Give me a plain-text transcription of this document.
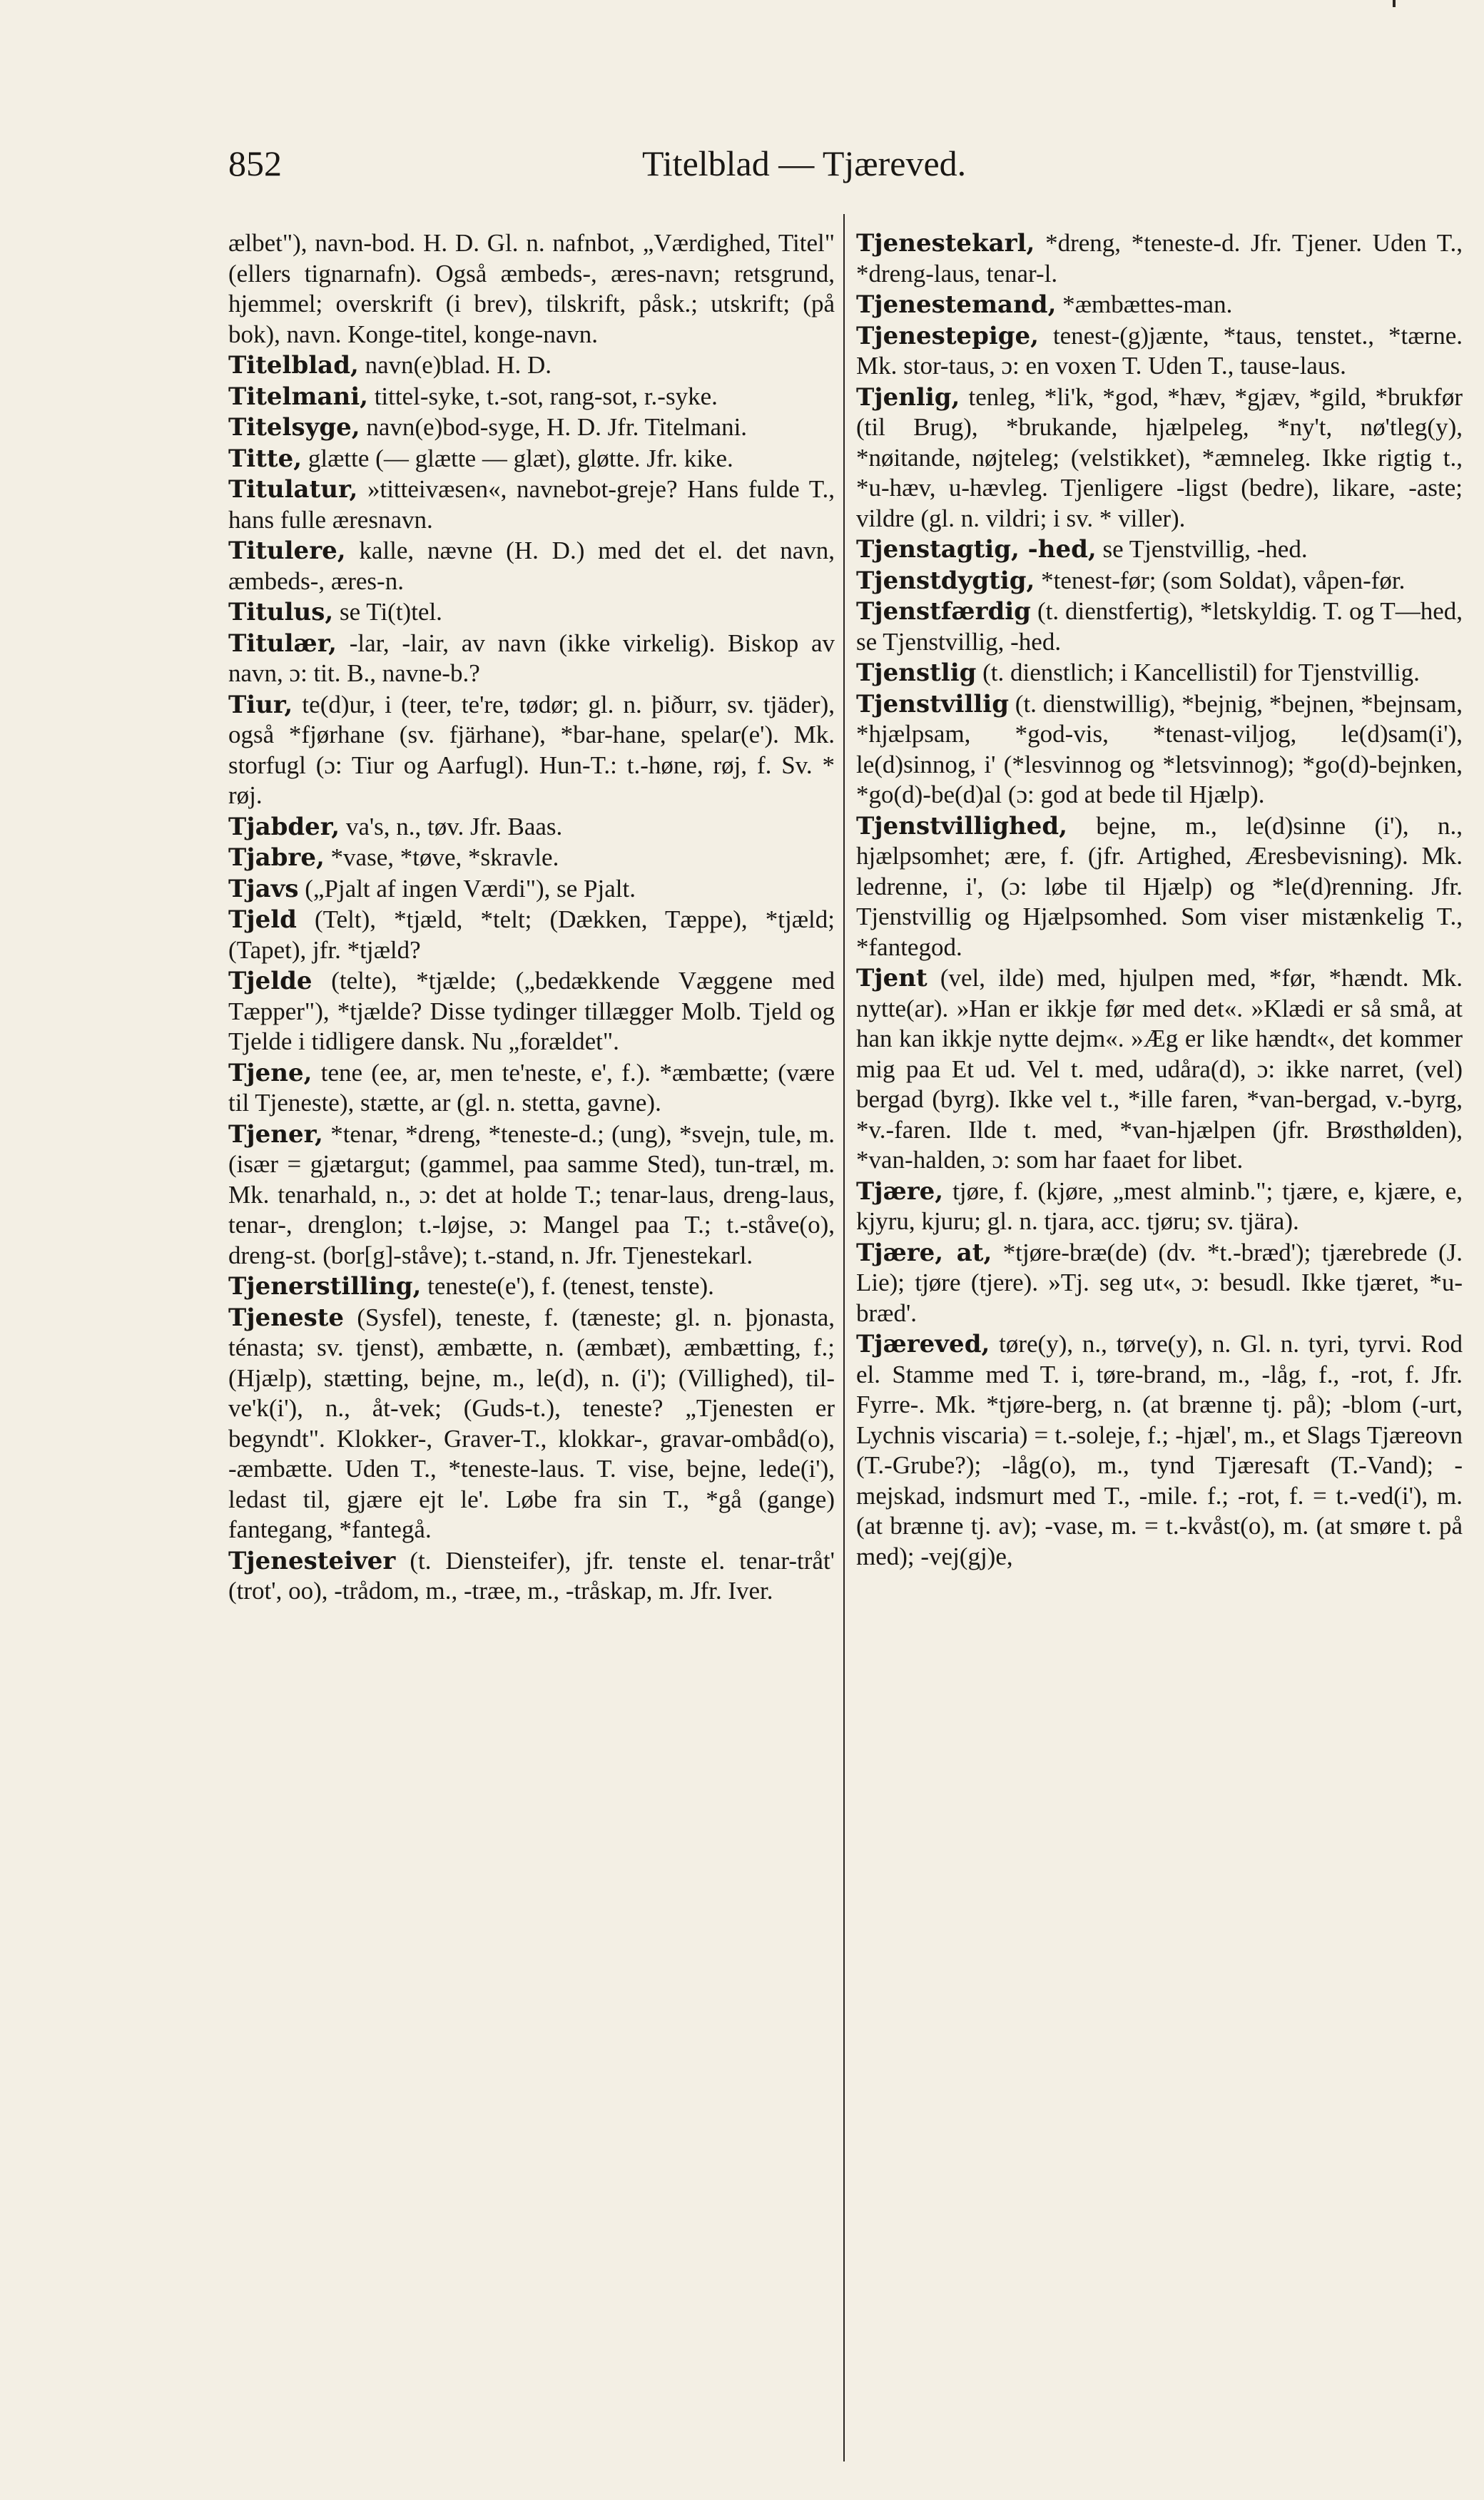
852	Titelblad — Tjæreved.

ælbet"), navn-bod. H. D. Gl. n. nafnbot, „Værdighed, Titel" (ellers tignarnafn). Også æmbeds-, æres-navn; retsgrund, hjemmel; overskrift (i brev), tilskrift, påsk.; utskrift; (på bok), navn. Konge-titel, konge-navn.

Titelblad, navn(e)blad. H. D.

Titelmani, tittel-syke, t.-sot, rang-sot, r.-syke.

Titelsyge, navn(e)bod-syge, H. D. Jfr. Titelmani.

Titte, glætte (— glætte — glæt), gløtte. Jfr. kike.

Titulatur, »titteivæsen«, navnebot-greje? Hans fulde T., hans fulle æresnavn.

Titulere, kalle, nævne (H. D.) med det el. det navn, æmbeds-, æres-n.

Titulus, se Ti(t)tel.

Titulær, -lar, -lair, av navn (ikke virkelig). Biskop av navn, ɔ: tit. B., navne-b.?

Tiur, te(d)ur, i (teer, te're, tødør; gl. n. þiðurr, sv. tjäder), også *fjørhane (sv. fjärhane), *bar-hane, spelar(e'). Mk. storfugl (ɔ: Tiur og Aarfugl). Hun-T.: t.-høne, røj, f. Sv. * røj.

Tjabder, va's, n., tøv. Jfr. Baas.

Tjabre, *vase, *tøve, *skravle.

Tjavs („Pjalt af ingen Værdi"), se Pjalt.

Tjeld (Telt), *tjæld, *telt; (Dækken, Tæppe), *tjæld; (Tapet), jfr. *tjæld?

Tjelde (telte), *tjælde; („bedækkende Væggene med Tæpper"), *tjælde? Disse tydinger tillægger Molb. Tjeld og Tjelde i tidligere dansk. Nu „forældet".

Tjene, tene (ee, ar, men te'neste, e', f.). *æmbætte; (være til Tjeneste), stætte, ar (gl. n. stetta, gavne).

Tjener, *tenar, *dreng, *teneste-d.; (ung), *svejn, tule, m. (især = gjætargut; (gammel, paa samme Sted), tun-træl, m. Mk. tenarhald, n., ɔ: det at holde T.; tenar-laus, dreng-laus, tenar-, drenglon; t.-løjse, ɔ: Mangel paa T.; t.-ståve(o), dreng-st. (bor[g]-ståve); t.-stand, n. Jfr. Tjenestekarl.

Tjenerstilling, teneste(e'), f. (tenest, tenste).

Tjeneste (Sysfel), teneste, f. (tæneste; gl. n. þjonasta, ténasta; sv. tjenst), æmbætte, n. (æmbæt), æmbætting, f.; (Hjælp), stætting, bejne, m., le(d), n. (i'); (Villighed), til-ve'k(i'), n., åt-vek; (Guds-t.), teneste? „Tjenesten er begyndt". Klokker-, Graver-T., klokkar-, gravar-ombåd(o), -æmbætte. Uden T., *teneste-laus. T. vise, bejne, lede(i'), ledast til, gjære ejt le'. Løbe fra sin T., *gå (gange) fantegang, *fantegå.

Tjenesteiver (t. Diensteifer), jfr. tenste el. tenar-tråt' (trot', oo), -trådom, m., -træe, m., -tråskap, m. Jfr. Iver.

Tjenestekarl, *dreng, *teneste-d. Jfr. Tjener. Uden T., *dreng-laus, tenar-l.

Tjenestemand, *æmbættes-man.

Tjenestepige, tenest-(g)jænte, *taus, tenstet., *tærne. Mk. stor-taus, ɔ: en voxen T. Uden T., tause-laus.

Tjenlig, tenleg, *li'k, *god, *hæv, *gjæv, *gild, *brukfør (til Brug), *brukande, hjælpeleg, *ny't, nø'tleg(y), *nøitande, nøjteleg; (velstikket), *æmneleg. Ikke rigtig t., *u-hæv, u-hævleg. Tjenligere -ligst (bedre), likare, -aste; vildre (gl. n. vildri; i sv. * viller).

Tjenstagtig, -hed, se Tjenstvillig, -hed.

Tjenstdygtig, *tenest-før; (som Soldat), våpen-før.

Tjenstfærdig (t. dienstfertig), *letskyldig. T. og T—hed, se Tjenstvillig, -hed.

Tjenstlig (t. dienstlich; i Kancellistil) for Tjenstvillig.

Tjenstvillig (t. dienstwillig), *bejnig, *bejnen, *bejnsam, *hjælpsam, *god-vis, *tenast-viljog, le(d)sam(i'), le(d)sinnog, i' (*lesvinnog og *letsvinnog); *go(d)-bejnken, *go(d)-be(d)al (ɔ: god at bede til Hjælp).

Tjenstvillighed, bejne, m., le(d)sinne (i'), n., hjælpsomhet; ære, f. (jfr. Artighed, Æresbevisning). Mk. ledrenne, i', (ɔ: løbe til Hjælp) og *le(d)renning. Jfr. Tjenstvillig og Hjælpsomhed. Som viser mistænkelig T., *fantegod.

Tjent (vel, ilde) med, hjulpen med, *før, *hændt. Mk. nytte(ar). »Han er ikkje før med det«. »Klædi er så små, at han kan ikkje nytte dejm«. »Æg er like hændt«, det kommer mig paa Et ud. Vel t. med, udåra(d), ɔ: ikke narret, (vel) bergad (byrg). Ikke vel t., *ille faren, *van-bergad, v.-byrg, *v.-faren. Ilde t. med, *van-hjælpen (jfr. Brøsthølden), *van-halden, ɔ: som har faaet for libet.

Tjære, tjøre, f. (kjøre, „mest alminb."; tjære, e, kjære, e, kjyru, kjuru; gl. n. tjara, acc. tjøru; sv. tjära).

Tjære, at, *tjøre-bræ(de) (dv. *t.-bræd'); tjærebrede (J. Lie); tjøre (tjere). »Tj. seg ut«, ɔ: besudl. Ikke tjæret, *u-bræd'.

Tjæreved, tøre(y), n., tørve(y), n. Gl. n. tyri, tyrvi. Rod el. Stamme med T. i, tøre-brand, m., -låg, f., -rot, f. Jfr. Fyrre-. Mk. *tjøre-berg, n. (at brænne tj. på); -blom (-urt, Lychnis viscaria) = t.-soleje, f.; -hjæl', m., et Slags Tjæreovn (T.-Grube?); -låg(o), m., tynd Tjæresaft (T.-Vand); -mejskad, indsmurt med T., -mile. f.; -rot, f. = t.-ved(i'), m. (at brænne tj. av); -vase, m. = t.-kvåst(o), m. (at smøre t. på med); -vej(gj)e,
